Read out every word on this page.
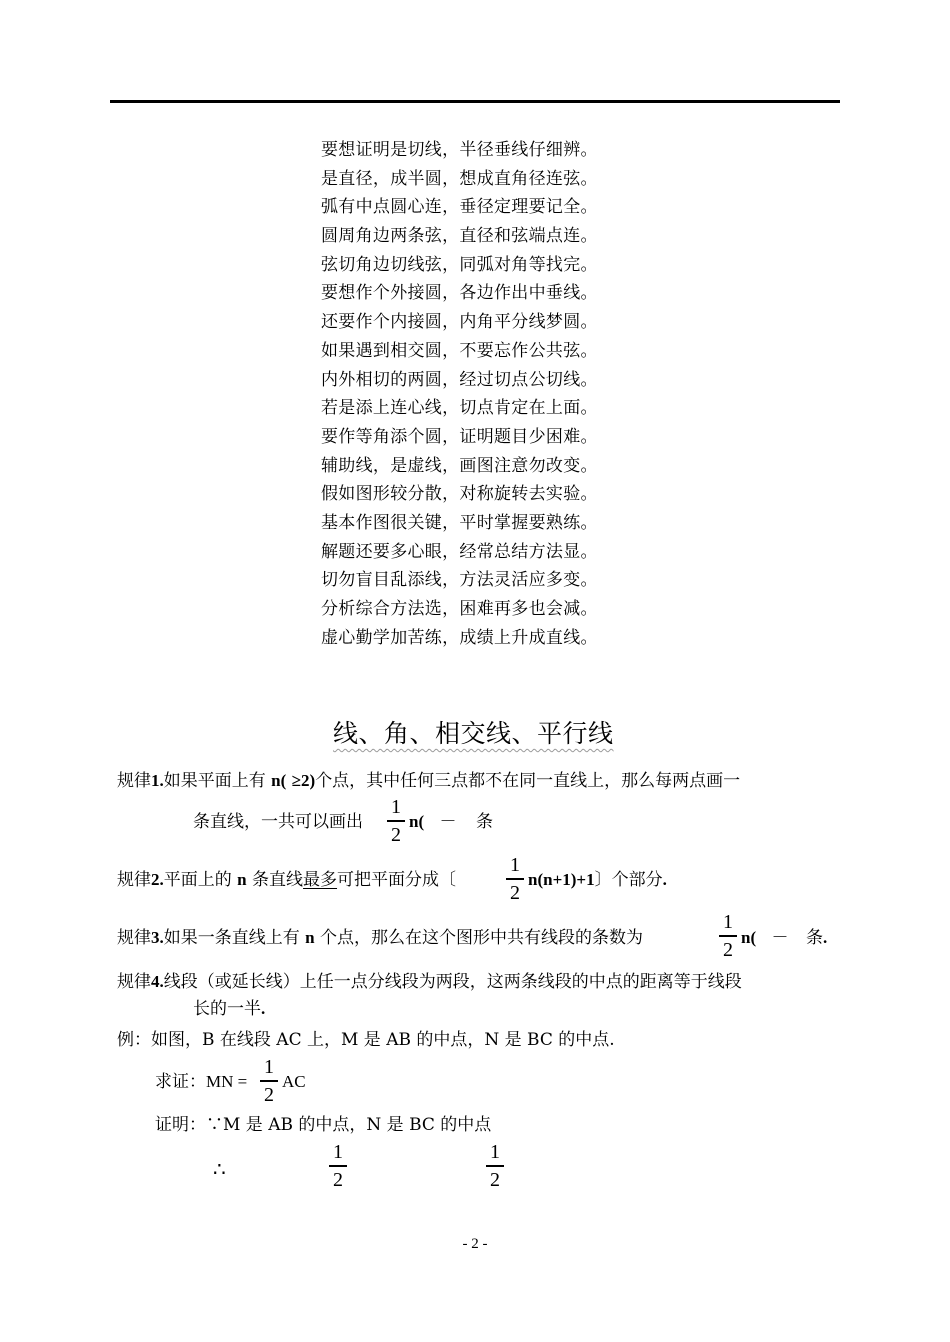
要想证明是切线，半径垂线仔细辨。
是直径，成半圆，想成直角径连弦。
弧有中点圆心连，垂径定理要记全。
圆周角边两条弦，直径和弦端点连。
弦切角边切线弦，同弧对角等找完。
要想作个外接圆，各边作出中垂线。
还要作个内接圆，内角平分线梦圆。
如果遇到相交圆，不要忘作公共弦。
内外相切的两圆，经过切点公切线。
若是添上连心线，切点肯定在上面。
要作等角添个圆，证明题目少困难。
辅助线，是虚线，画图注意勿改变。
假如图形较分散，对称旋转去实验。
基本作图很关键，平时掌握要熟练。
解题还要多心眼，经常总结方法显。
切勿盲目乱添线，方法灵活应多变。
分析综合方法选，困难再多也会减。
虚心勤学加苦练，成绩上升成直线。
线、角、相交线、平行线
规律1.如果平面上有 n( ≥2)个点，其中任何三点都不在同一直线上，那么每两点画一
条直线，一共可以画出
1
2
n( － 条
规律2.平面上的 n 条直线最多可把平面分成〔
1
2
n(n+1)+1〕个部分.
规律3.如果一条直线上有 n 个点，那么在这个图形中共有线段的条数为
1
2
n( － 条.
规律4.线段（或延长线）上任一点分线段为两段，这两条线段的中点的距离等于线段
长的一半.
例：如图，B 在线段 AC 上，M 是 AB 的中点，N 是 BC 的中点.
求证：MN =
1
2
AC
证明：∵M 是 AB 的中点，N 是 BC 的中点
∴
1
2
1
2
- 2 -
